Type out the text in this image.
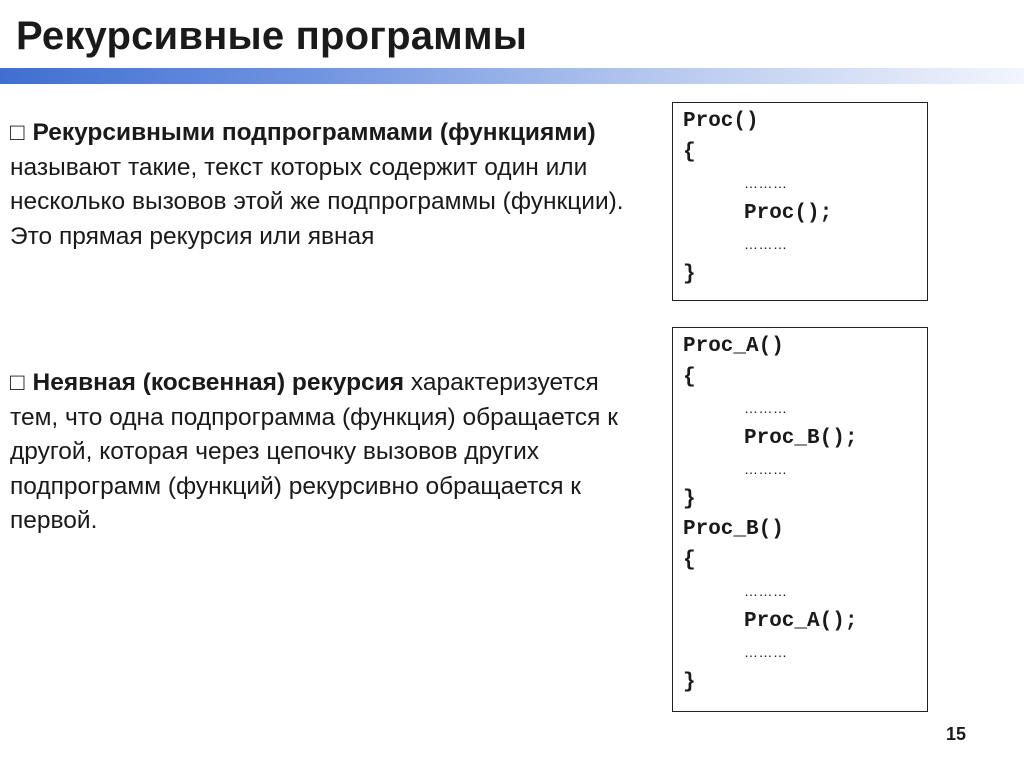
Рекурсивные программы

□ Рекурсивными подпрограммами (функциями) называют такие, текст которых содержит один или несколько вызовов этой же подпрограммы (функции). Это прямая рекурсия или явная

□ Неявная (косвенная) рекурсия характеризуется тем, что одна подпрограмма (функция) обращается к другой, которая через цепочку вызовов других подпрограмм (функций) рекурсивно обращается к первой.

Proc()
{
………
Proc();
………
}
Proc_A()
{
………
Proc_B();
………
}
Proc_B()
{
………
Proc_A();
………
}
15
